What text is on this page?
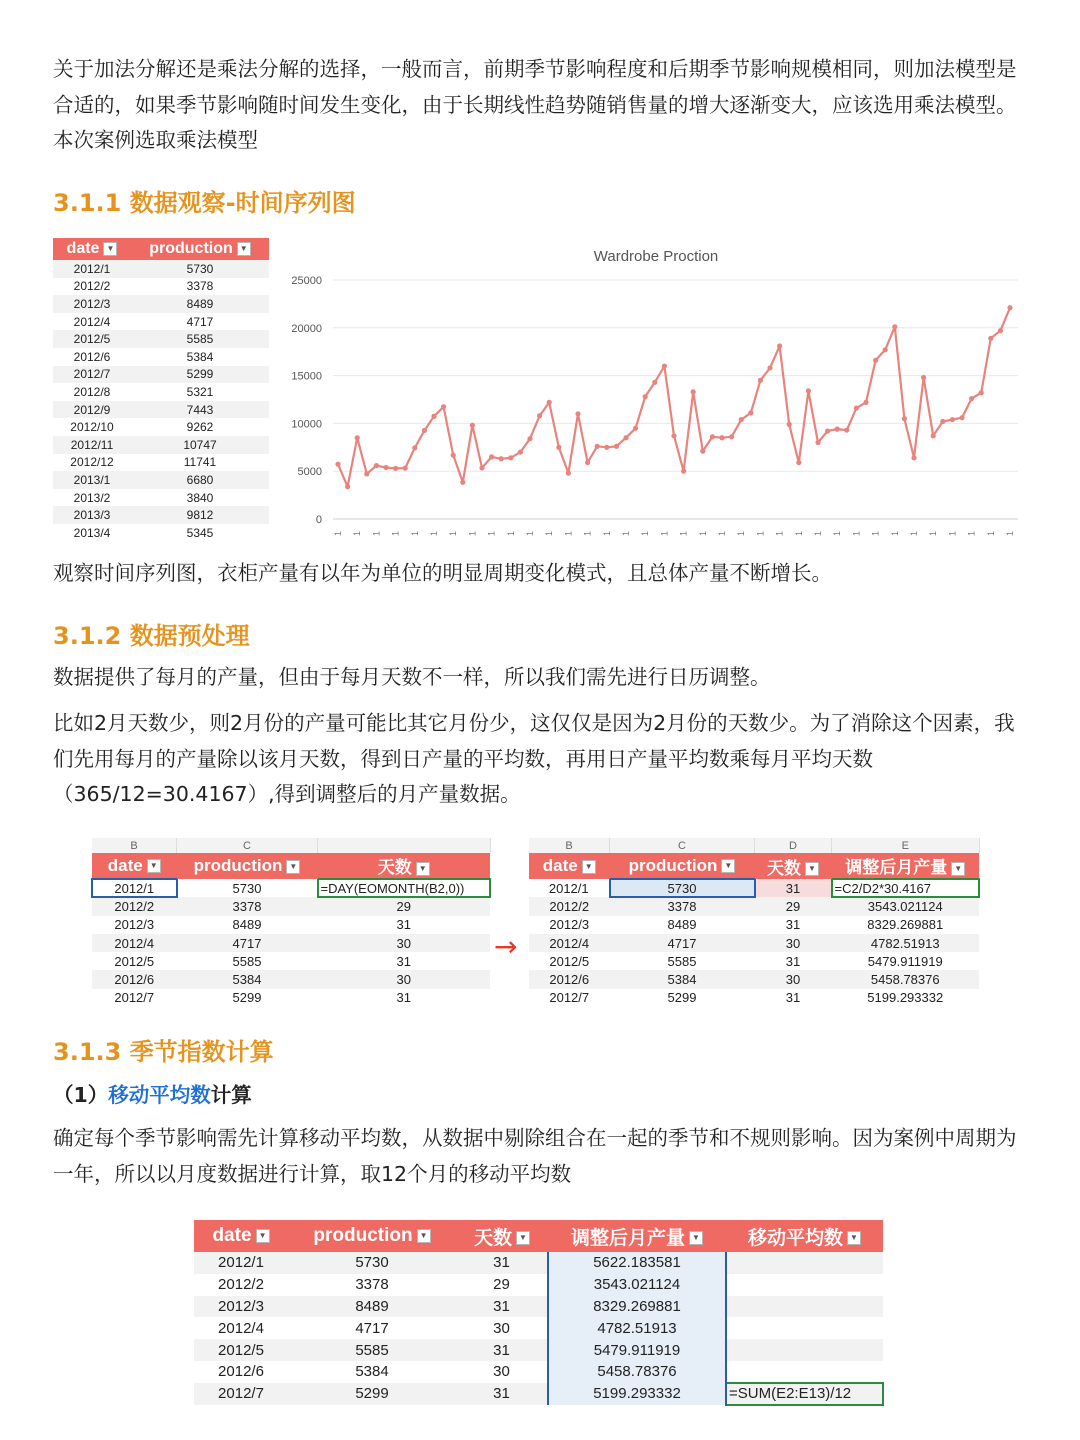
关于加法分解还是乘法分解的选择，一般而言，前期季节影响程度和后期季节影响规模相同，则加法模型是合适的，如果季节影响随时间发生变化，由于长期线性趋势随销售量的增大逐渐变大，应该选用乘法模型。本次案例选取乘法模型

3.1.1 数据观察-时间序列图
date ▼	production ▼
2012/1	5730
2012/2	3378
2012/3	8489
2012/4	4717
2012/5	5585
2012/6	5384
2012/7	5299
2012/8	5321
2012/9	7443
2012/10	9262
2012/11	10747
2012/12	11741
2013/1	6680
2013/2	3840
2013/3	9812
2013/4	5345
0
5000
10000
15000
20000
25000
1 1 1 1 1 1 1 1 1 1 1 1 1 1 1 1 1 1 1 1 1 1 1 1 1 1 1 1 1 1 1 1 1 1 1 1
Wardrobe Proction

观察时间序列图，衣柜产量有以年为单位的明显周期变化模式，且总体产量不断增长。

3.1.2 数据预处理

数据提供了每月的产量，但由于每月天数不一样，所以我们需先进行日历调整。

比如2月天数少，则2月份的产量可能比其它月份少，这仅仅是因为2月份的天数少。为了消除这个因素，我们先用每月的产量除以该月天数，得到日产量的平均数，再用日产量平均数乘每月平均天数（365/12=30.4167）,得到调整后的月产量数据。

B	C	
date ▼	production ▼	天数 ▼
2012/1	5730	=DAY(EOMONTH(B2,0))
2012/2	3378	29
2012/3	8489	31
2012/4	4717	30
2012/5	5585	31
2012/6	5384	30
2012/7	5299	31
→
B	C	D	E
date ▼	production ▼	天数 ▼	调整后月产量 ▼
2012/1	5730	31	=C2/D2*30.4167
2012/2	3378	29	3543.021124
2012/3	8489	31	8329.269881
2012/4	4717	30	4782.51913
2012/5	5585	31	5479.911919
2012/6	5384	30	5458.78376
2012/7	5299	31	5199.293332
3.1.3 季节指数计算

（1）移动平均数计算

确定每个季节影响需先计算移动平均数，从数据中剔除组合在一起的季节和不规则影响。因为案例中周期为一年，所以以月度数据进行计算，取12个月的移动平均数

date ▼	production ▼	天数 ▼	调整后月产量 ▼	移动平均数 ▼
2012/1	5730	31	5622.183581	
2012/2	3378	29	3543.021124	
2012/3	8489	31	8329.269881	
2012/4	4717	30	4782.51913	
2012/5	5585	31	5479.911919	
2012/6	5384	30	5458.78376	
2012/7	5299	31	5199.293332	=SUM(E2:E13)/12
